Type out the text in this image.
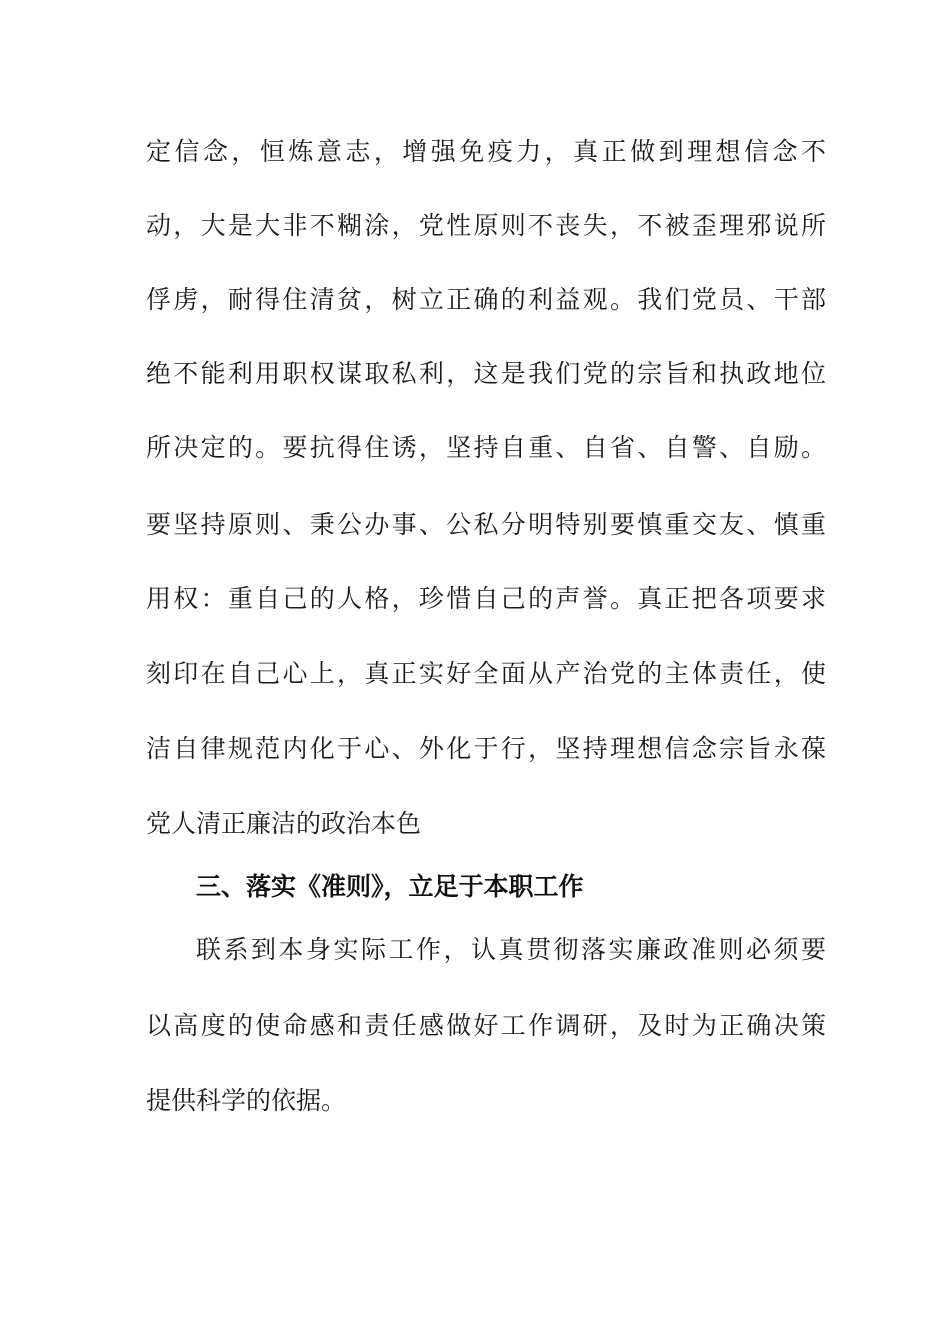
定信念，恒炼意志，增强免疫力，真正做到理想信念不
动，大是大非不糊涂，党性原则不丧失，不被歪理邪说所
俘虏，耐得住清贫，树立正确的利益观。我们党员、干部
绝不能利用职权谋取私利，这是我们党的宗旨和执政地位
所决定的。要抗得住诱，坚持自重、自省、自警、自励。
要坚持原则、秉公办事、公私分明特别要慎重交友、慎重
用权：重自己的人格，珍惜自己的声誉。真正把各项要求
刻印在自己心上，真正实好全面从产治党的主体责任，使
洁自律规范内化于心、外化于行，坚持理想信念宗旨永葆
党人清正廉洁的政治本色
三、落实《准则》，立足于本职工作
联系到本身实际工作，认真贯彻落实廉政准则必须要
以高度的使命感和责任感做好工作调研，及时为正确决策
提供科学的依据。
